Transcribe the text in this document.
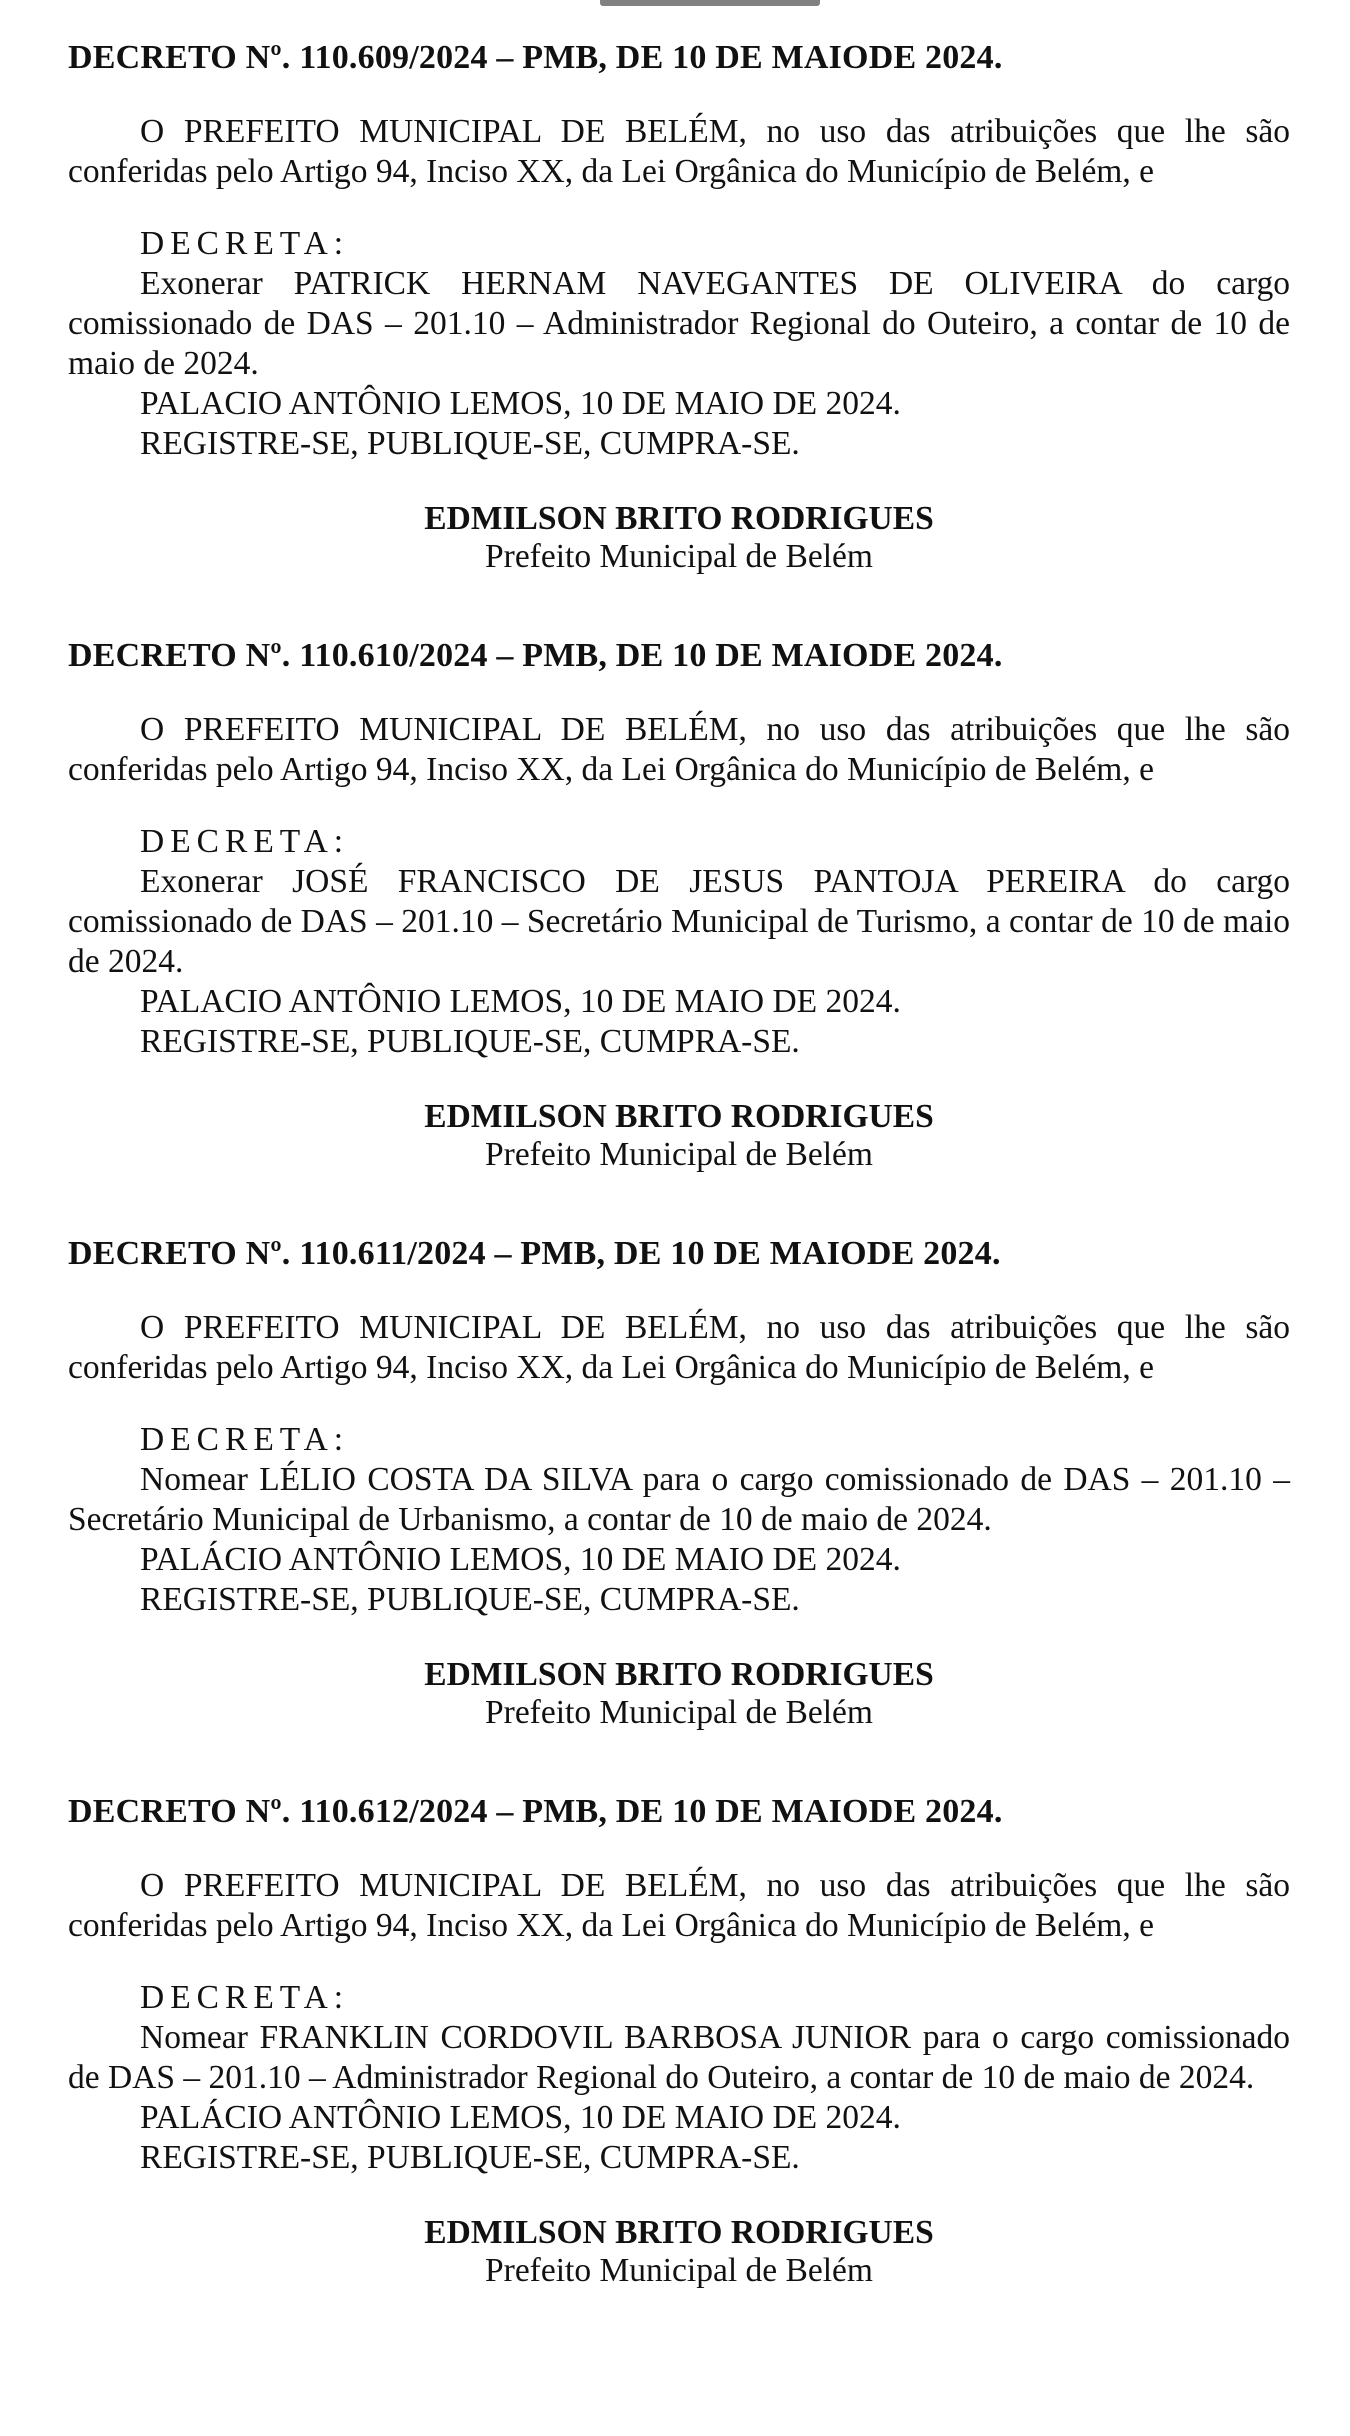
DECRETO Nº. 110.609/2024 – PMB, DE 10 DE MAIODE 2024.
O PREFEITO MUNICIPAL DE BELÉM, no uso das atribuições que lhe são conferidas pelo Artigo 94, Inciso XX, da Lei Orgânica do Município de Belém, e
DECRETA:
Exonerar PATRICK HERNAM NAVEGANTES DE OLIVEIRA do cargo comissionado de DAS – 201.10 – Administrador Regional do Outeiro, a contar de 10 de maio de 2024.
PALACIO ANTÔNIO LEMOS, 10 DE MAIO DE 2024.
REGISTRE-SE, PUBLIQUE-SE, CUMPRA-SE.
EDMILSON BRITO RODRIGUES
Prefeito Municipal de Belém
DECRETO Nº. 110.610/2024 – PMB, DE 10 DE MAIODE 2024.
O PREFEITO MUNICIPAL DE BELÉM, no uso das atribuições que lhe são conferidas pelo Artigo 94, Inciso XX, da Lei Orgânica do Município de Belém, e
DECRETA:
Exonerar JOSÉ FRANCISCO DE JESUS PANTOJA PEREIRA do cargo comissionado de DAS – 201.10 – Secretário Municipal de Turismo, a contar de 10 de maio de 2024.
PALACIO ANTÔNIO LEMOS, 10 DE MAIO DE 2024.
REGISTRE-SE, PUBLIQUE-SE, CUMPRA-SE.
EDMILSON BRITO RODRIGUES
Prefeito Municipal de Belém
DECRETO Nº. 110.611/2024 – PMB, DE 10 DE MAIODE 2024.
O PREFEITO MUNICIPAL DE BELÉM, no uso das atribuições que lhe são conferidas pelo Artigo 94, Inciso XX, da Lei Orgânica do Município de Belém, e
DECRETA:
Nomear LÉLIO COSTA DA SILVA para o cargo comissionado de DAS – 201.10 – Secretário Municipal de Urbanismo, a contar de 10 de maio de 2024.
PALÁCIO ANTÔNIO LEMOS, 10 DE MAIO DE 2024.
REGISTRE-SE, PUBLIQUE-SE, CUMPRA-SE.
EDMILSON BRITO RODRIGUES
Prefeito Municipal de Belém
DECRETO Nº. 110.612/2024 – PMB, DE 10 DE MAIODE 2024.
O PREFEITO MUNICIPAL DE BELÉM, no uso das atribuições que lhe são conferidas pelo Artigo 94, Inciso XX, da Lei Orgânica do Município de Belém, e
DECRETA:
Nomear FRANKLIN CORDOVIL BARBOSA JUNIOR para o cargo comissionado de DAS – 201.10 – Administrador Regional do Outeiro, a contar de 10 de maio de 2024.
PALÁCIO ANTÔNIO LEMOS, 10 DE MAIO DE 2024.
REGISTRE-SE, PUBLIQUE-SE, CUMPRA-SE.
EDMILSON BRITO RODRIGUES
Prefeito Municipal de Belém
